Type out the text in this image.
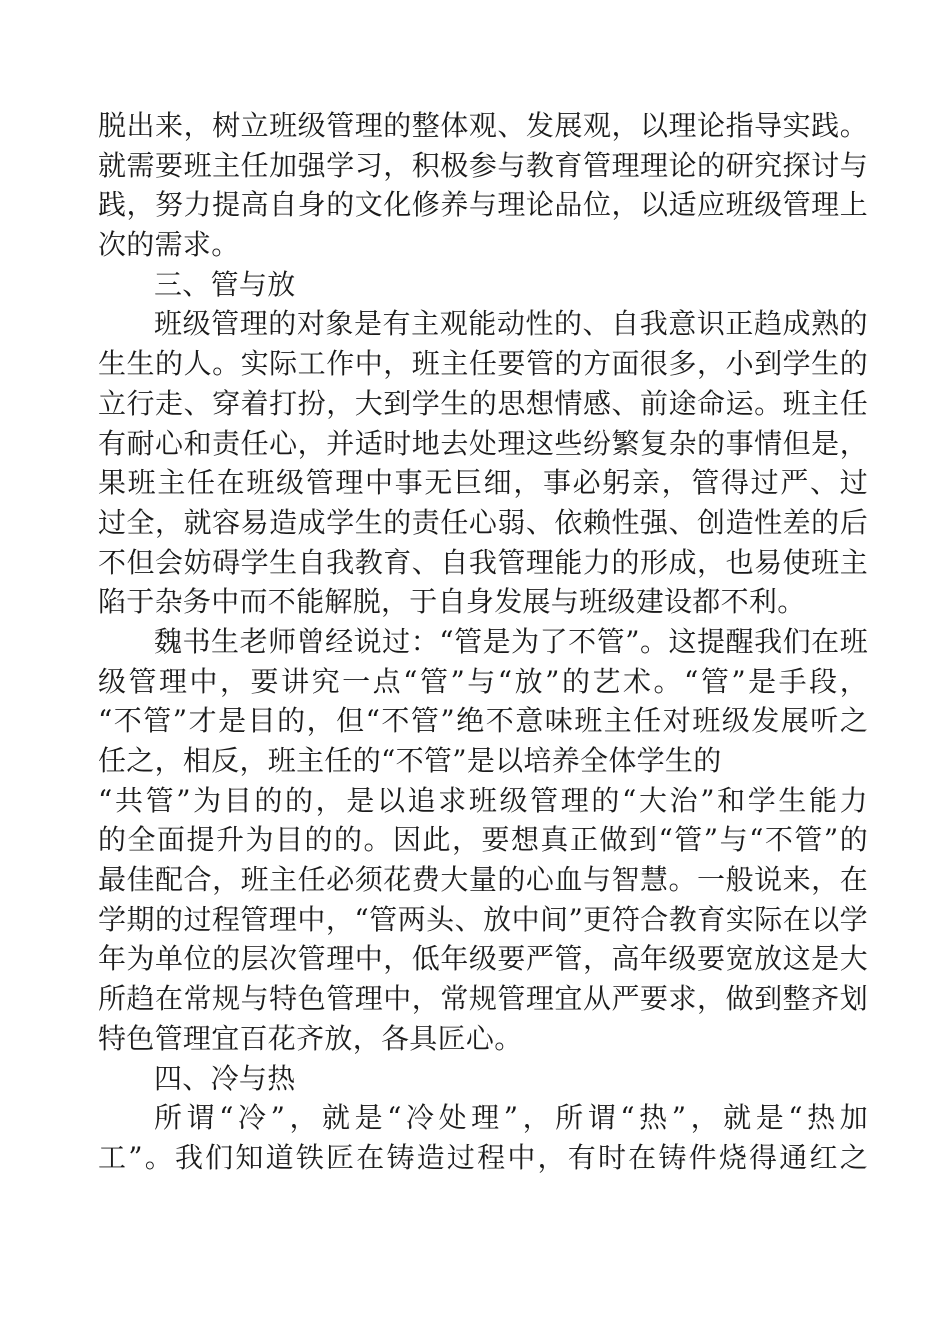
脱出来，树立班级管理的整体观、发展观，以理论指导实践。
就需要班主任加强学习，积极参与教育管理理论的研究探讨与
践，努力提高自身的文化修养与理论品位，以适应班级管理上
次的需求。
三、管与放
班级管理的对象是有主观能动性的、自我意识正趋成熟的
生生的人。实际工作中，班主任要管的方面很多，小到学生的
立行走、穿着打扮，大到学生的思想情感、前途命运。班主任
有耐心和责任心，并适时地去处理这些纷繁复杂的事情但是，
果班主任在班级管理中事无巨细，事必躬亲，管得过严、过
过全，就容易造成学生的责任心弱、依赖性强、创造性差的后
不但会妨碍学生自我教育、自我管理能力的形成，也易使班主
陷于杂务中而不能解脱，于自身发展与班级建设都不利。
魏书生老师曾经说过：“管是为了不管”。这提醒我们在班
级管理中，要讲究一点“管”与“放”的艺术。“管”是手段，
“不管”才是目的，但“不管”绝不意味班主任对班级发展听之
任之，相反，班主任的“不管”是以培养全体学生的
“共管”为目的的，是以追求班级管理的“大治”和学生能力
的全面提升为目的的。因此，要想真正做到“管”与“不管”的
最佳配合，班主任必须花费大量的心血与智慧。一般说来，在
学期的过程管理中，“管两头、放中间”更符合教育实际在以学
年为单位的层次管理中，低年级要严管，高年级要宽放这是大
所趋在常规与特色管理中，常规管理宜从严要求，做到整齐划
特色管理宜百花齐放，各具匠心。
四、冷与热
所谓“冷”，就是“冷处理”，所谓“热”，就是“热加
工”。我们知道铁匠在铸造过程中，有时在铸件烧得通红之
